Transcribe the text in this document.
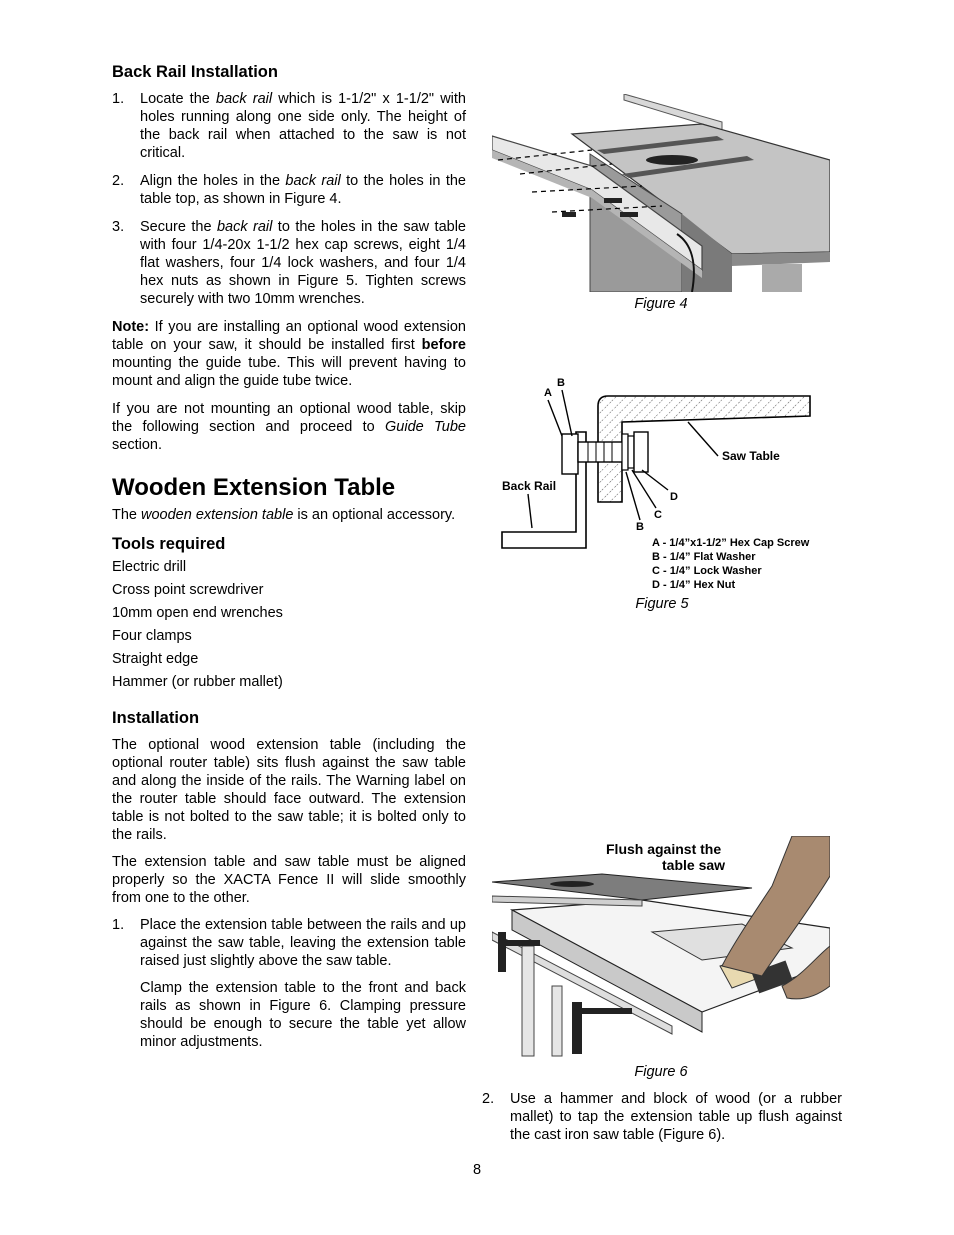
Back Rail Installation
1.	Locate the back rail which is 1-1/2" x 1-1/2" with holes running along one side only. The height of the back rail when attached to the saw is not critical.
2.	Align the holes in the back rail to the holes in the table top, as shown in Figure 4.
3.	Secure the back rail to the holes in the saw table with four 1/4-20x 1-1/2 hex cap screws, eight 1/4 flat washers, four 1/4 lock washers, and four 1/4 hex nuts as shown in Figure 5. Tighten screws securely with two 10mm wrenches.

Note: If you are installing an optional wood extension table on your saw, it should be installed first before mounting the guide tube. This will prevent having to mount and align the guide tube twice.

If you are not mounting an optional wood table, skip the following section and proceed to Guide Tube section.

Wooden Extension Table

The wooden extension table is an optional accessory.

Tools required
Electric drill
Cross point screwdriver
10mm open end wrenches
Four clamps
Straight edge
Hammer (or rubber mallet)
Installation

The optional wood extension table (including the optional router table) sits flush against the saw table and along the inside of the rails. The Warning label on the router table should face outward. The extension table is not bolted to the saw table; it is bolted only to the rails.

The extension table and saw table must be aligned properly so the XACTA Fence II will slide smoothly from one to the other.

1.	Place the extension table between the rails and up against the saw table, leaving the extension table raised just slightly above the saw table.
Clamp the extension table to the front and back rails as shown in Figure 6. Clamping pressure should be enough to secure the table yet allow minor adjustments.
Figure 4
A
B
D
C
B
Saw Table
Back Rail
A - 1/4”x1-1/2” Hex Cap Screw
B - 1/4” Flat Washer
C - 1/4” Lock Washer
D - 1/4” Hex Nut
Figure 5
Flush against the
table saw
Figure 6
2.	Use a hammer and block of wood (or a rubber mallet) to tap the extension table up flush against the cast iron saw table (Figure 6).
8
